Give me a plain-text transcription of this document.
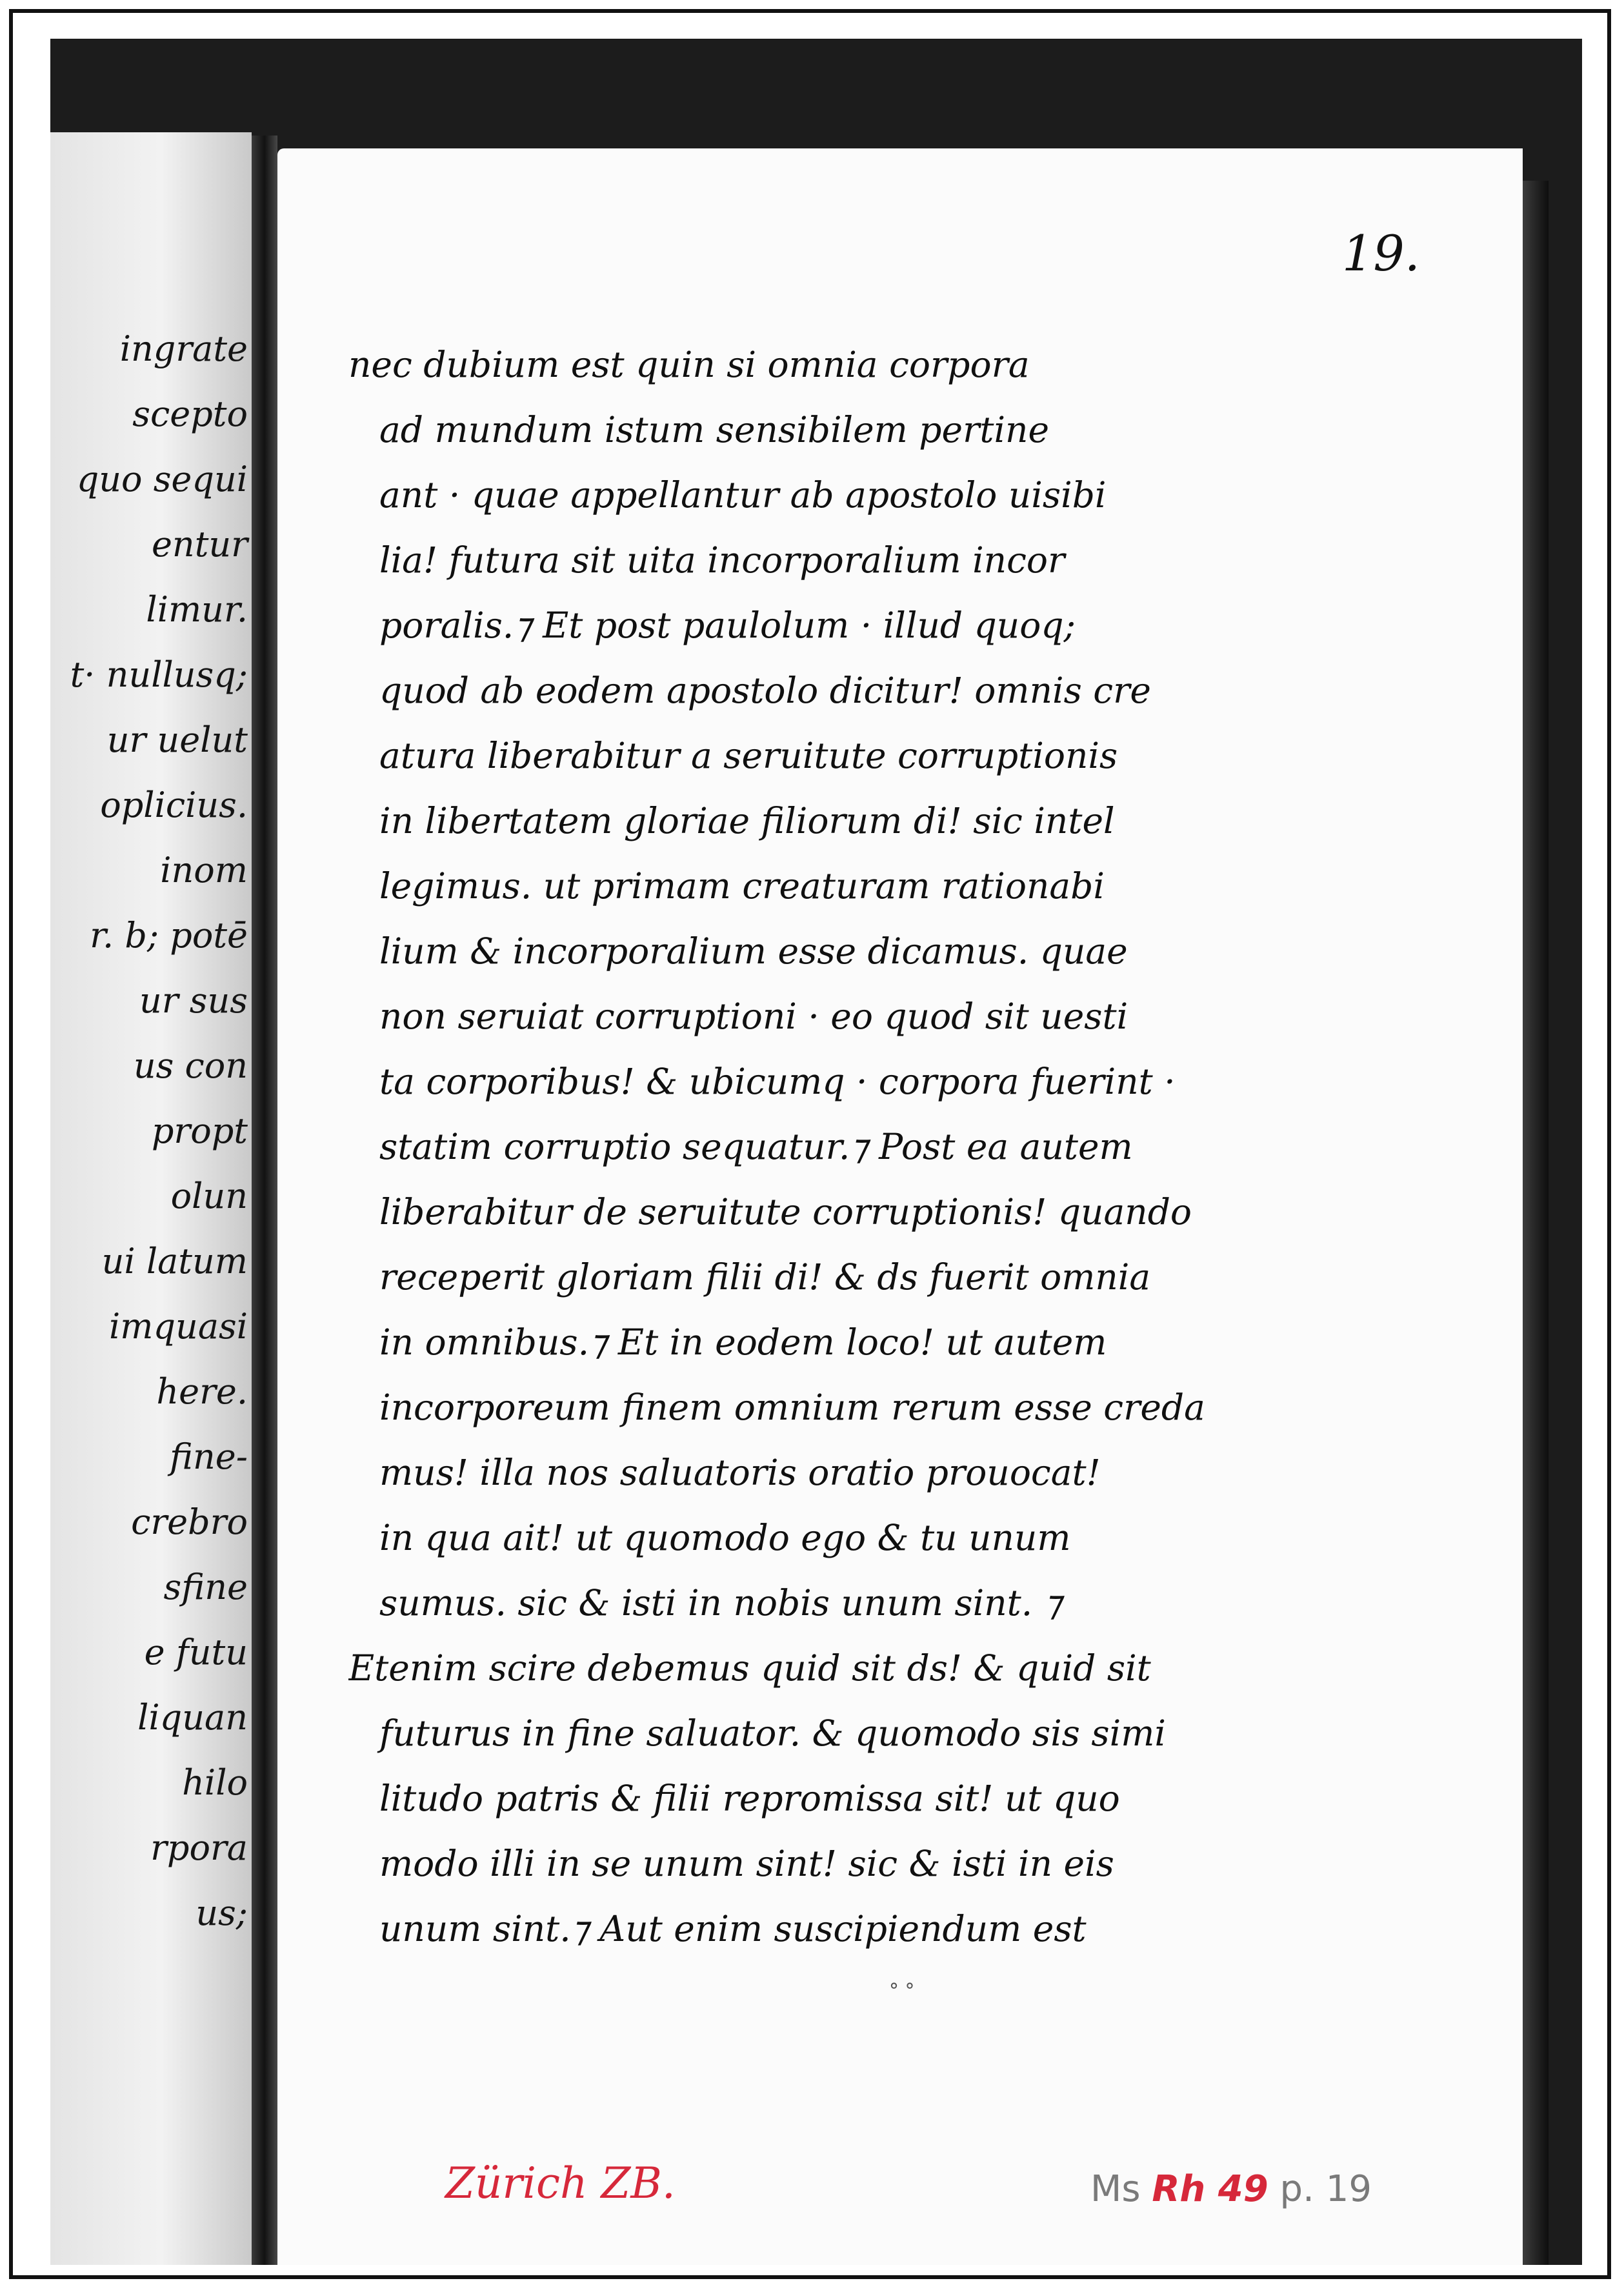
ingrate
scepto
quo sequi
entur
limur.
t· nullusq;
ur uelut
oplicius.
inom
r. b; potē
ur sus
us con
propt
olun
ui latum
imquasi
here.
fine-
crebro
sfine
e futu
liquan
hilo
rpora
us;
19.
nec dubium est quin si omnia corpora
ad mundum istum sensibilem pertine
ant · quae appellantur ab apostolo uisibi
lia! futura sit uita incorporalium incor
poralis.⁊ Et post paulolum · illud quoq;
quod ab eodem apostolo dicitur! omnis cre
atura liberabitur a seruitute corruptionis
in libertatem gloriae filiorum di! sic intel
legimus. ut primam creaturam rationabi
lium & incorporalium esse dicamus. quae
non seruiat corruptioni · eo quod sit uesti
ta corporibus! & ubicumq · corpora fuerint ·
statim corruptio sequatur.⁊ Post ea autem
liberabitur de seruitute corruptionis! quando
receperit gloriam filii di! & ds fuerit omnia
in omnibus.⁊ Et in eodem loco! ut autem
incorporeum finem omnium rerum esse creda
mus! illa nos saluatoris oratio prouocat!
in qua ait! ut quomodo ego & tu unum
sumus. sic & isti in nobis unum sint. ⁊
Etenim scire debemus quid sit ds! & quid sit
futurus in fine saluator. & quomodo sis simi
litudo patris & filii repromissa sit! ut quo
modo illi in se unum sint! sic & isti in eis
unum sint.⁊ Aut enim suscipiendum est
° °
Zürich ZB.	Ms Rh 49 p. 19
